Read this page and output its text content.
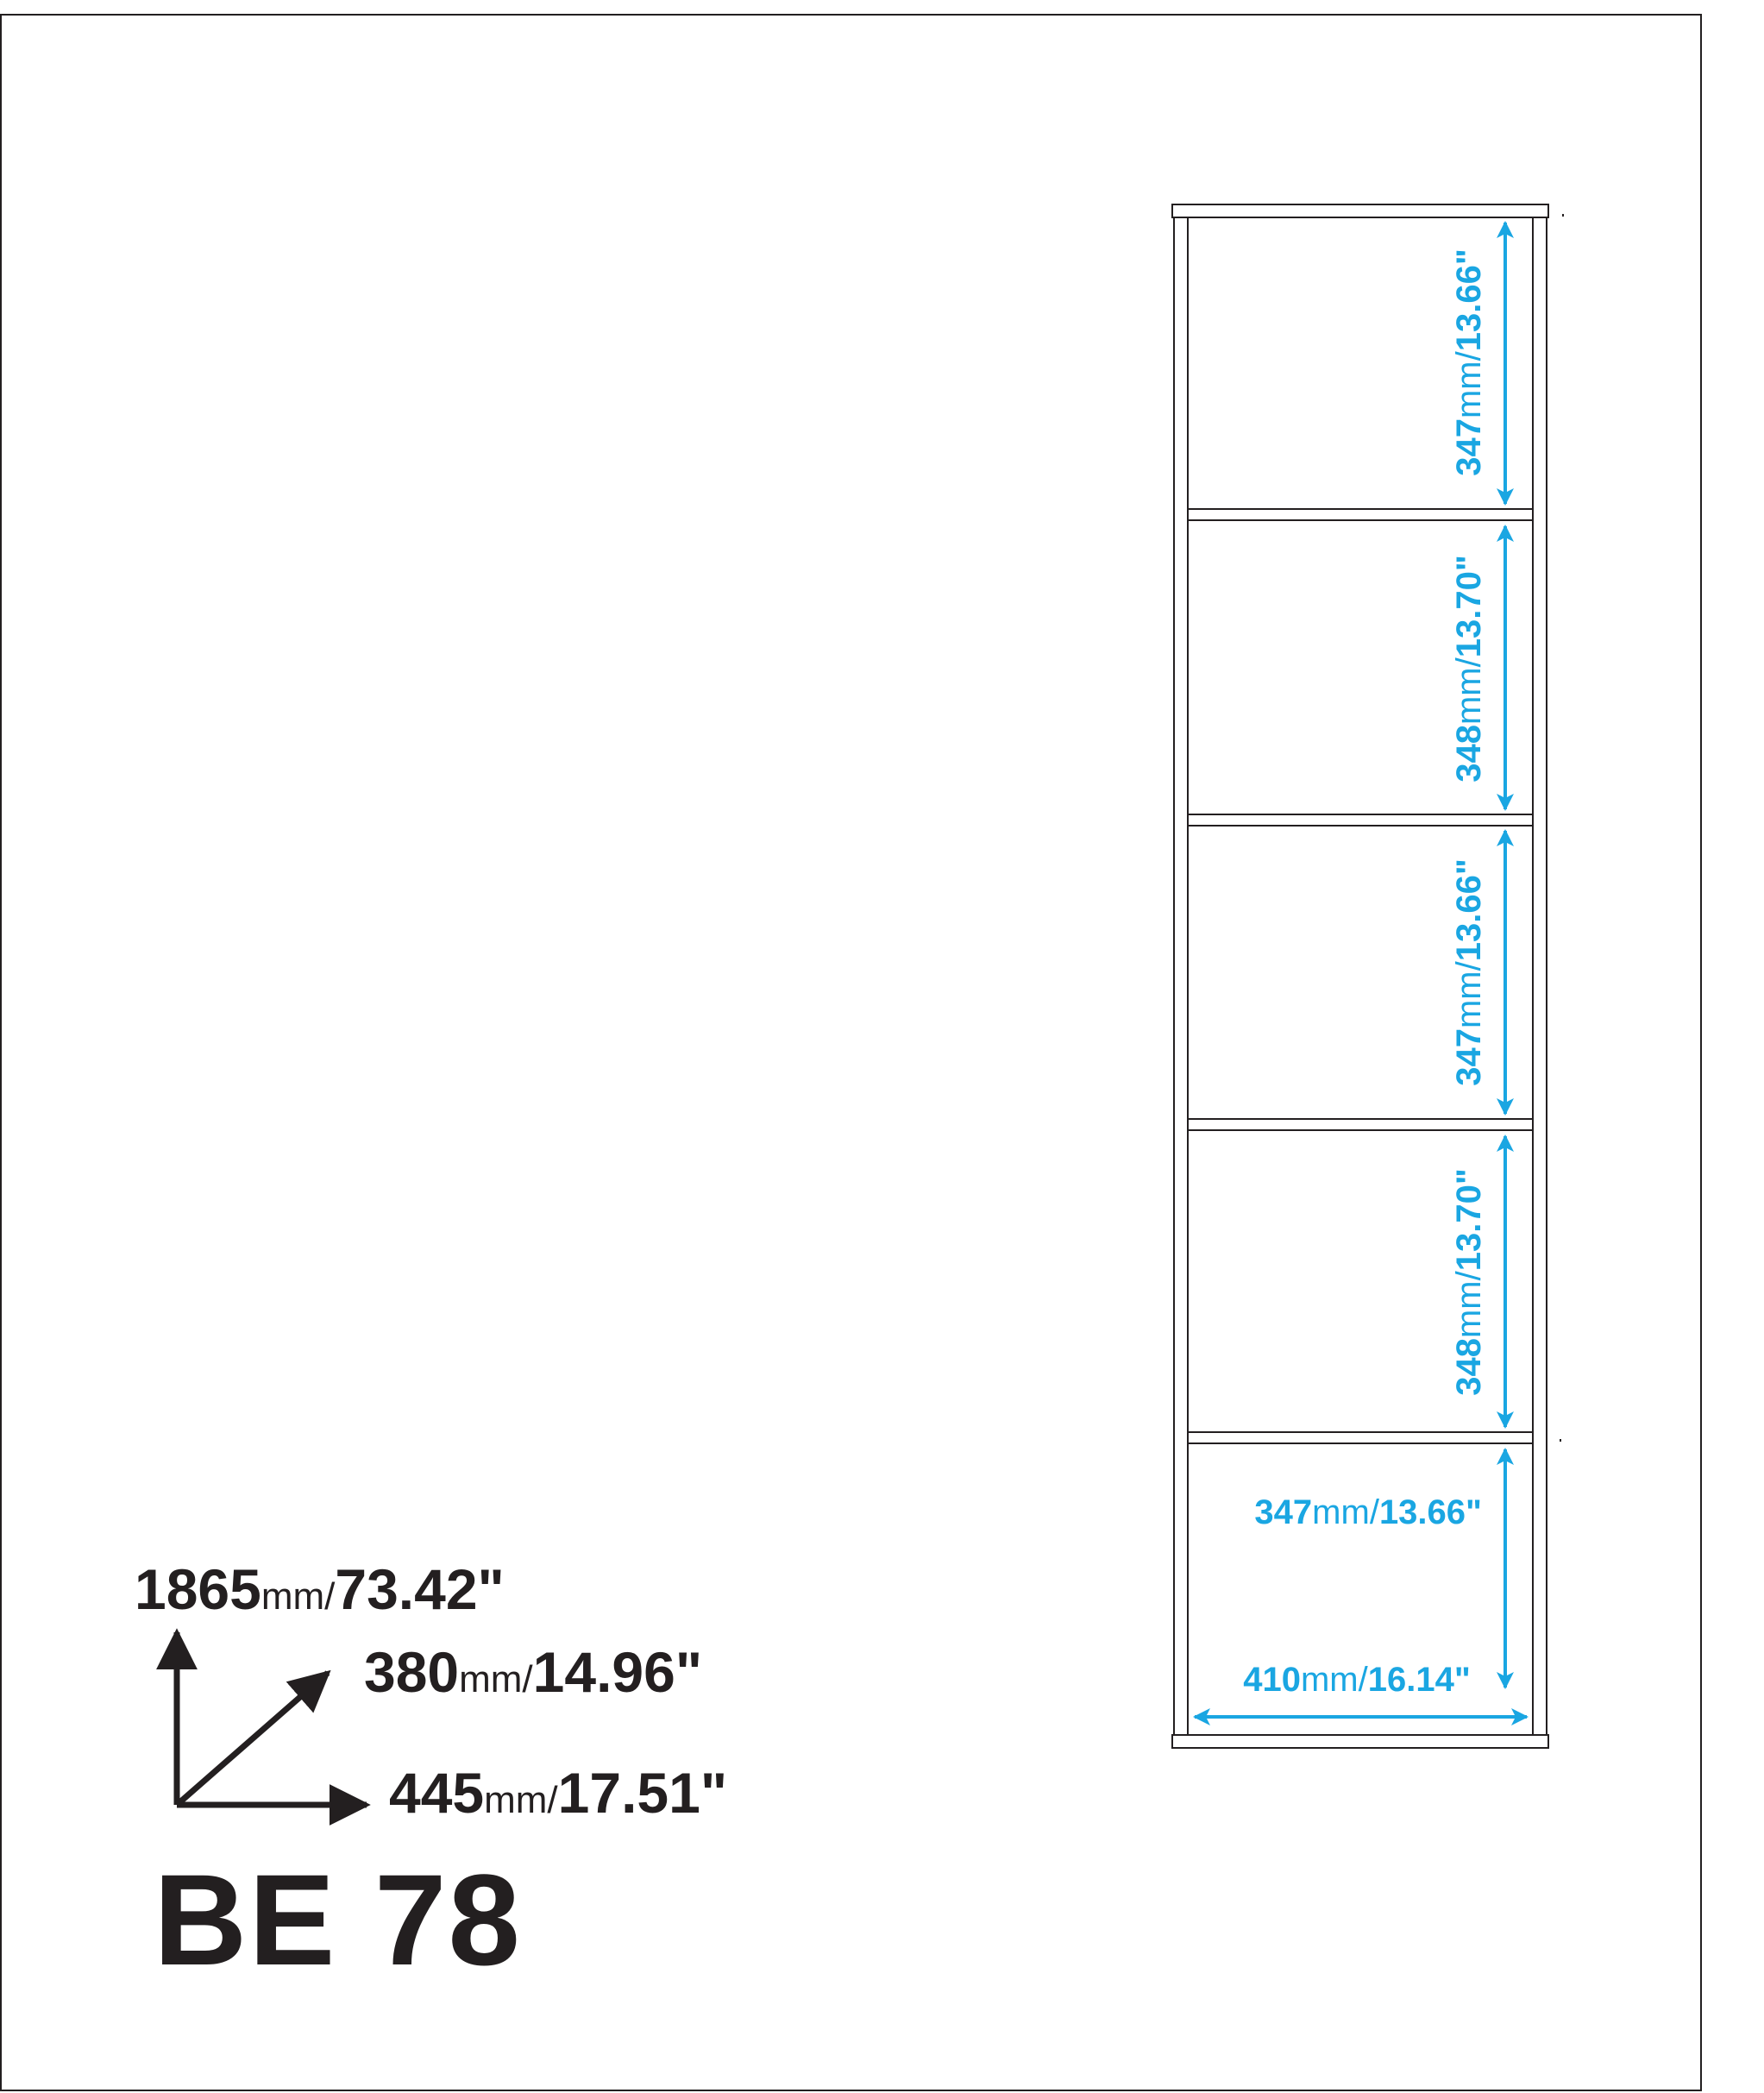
347mm/13.66"
348mm/13.70"
347mm/13.66"
348mm/13.70"
347mm/13.66"
410mm/16.14"
1865mm/73.42"
380mm/14.96"
445mm/17.51"
BE 78
